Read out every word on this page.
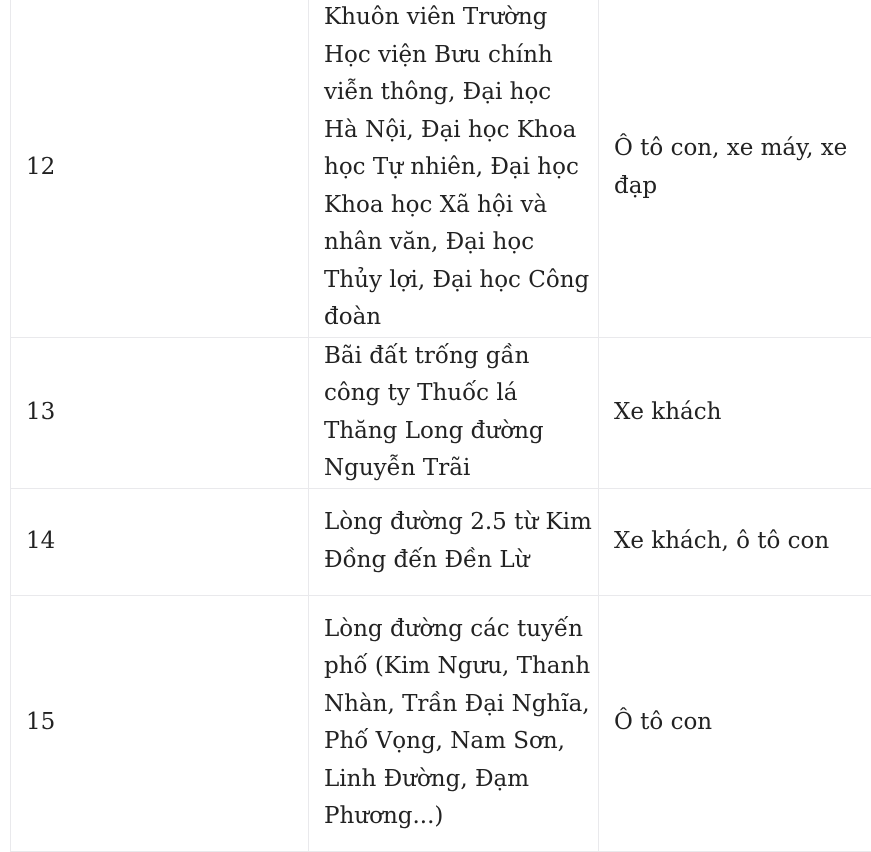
12	Khuôn viên Trường Học viện Bưu chính viễn thông, Đại học Hà Nội, Đại học Khoa học Tự nhiên, Đại học Khoa học Xã hội và nhân văn, Đại học Thủy lợi, Đại học Công đoàn	Ô tô con, xe máy, xe đạp
13	Bãi đất trống gần công ty Thuốc lá Thăng Long đường Nguyễn Trãi	Xe khách
14	Lòng đường 2.5 từ Kim Đồng đến Đền Lừ	Xe khách, ô tô con
15	Lòng đường các tuyến phố (Kim Ngưu, Thanh Nhàn, Trần Đại Nghĩa, Phố Vọng, Nam Sơn, Linh Đường, Đạm Phương...)	Ô tô con
